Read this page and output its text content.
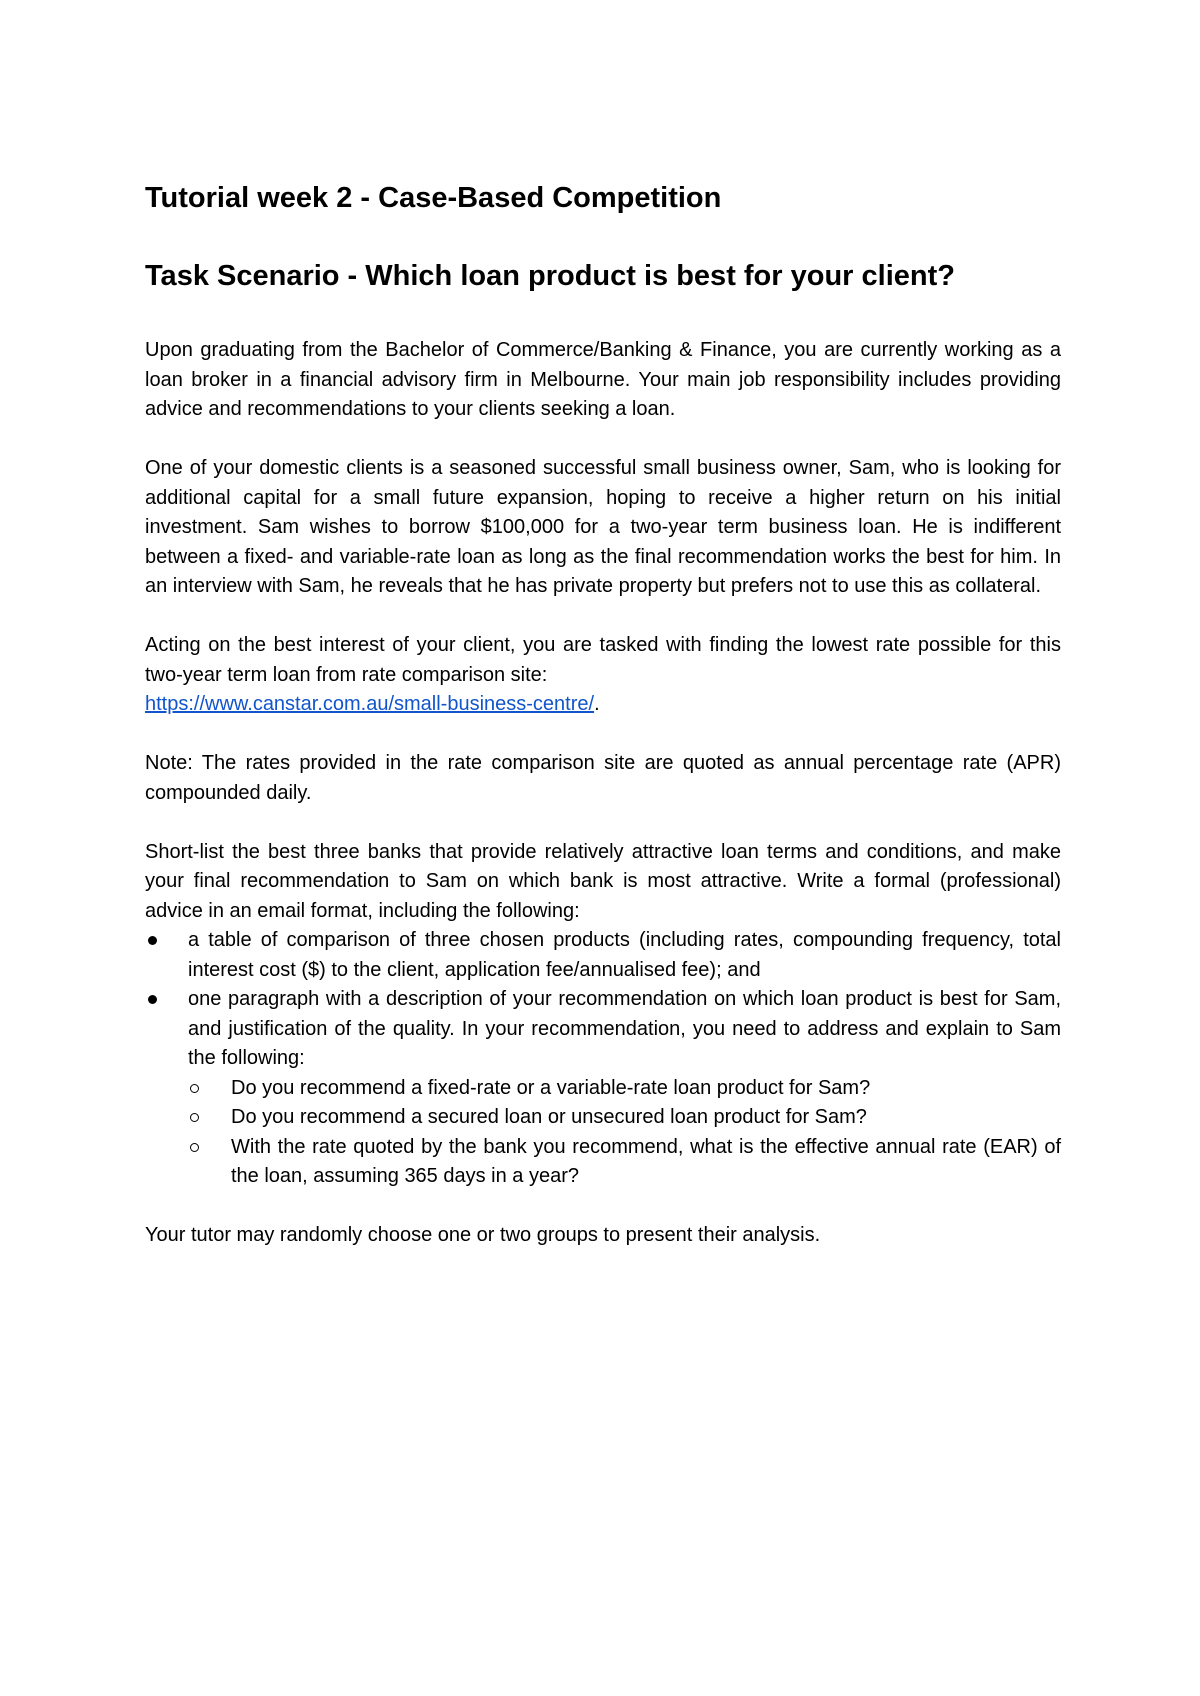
Tutorial week 2 - Case-Based Competition
Task Scenario - Which loan product is best for your client?

Upon graduating from the Bachelor of Commerce/Banking & Finance, you are currently working as a loan broker in a financial advisory firm in Melbourne. Your main job responsibility includes providing advice and recommendations to your clients seeking a loan.

One of your domestic clients is a seasoned successful small business owner, Sam, who is looking for additional capital for a small future expansion, hoping to receive a higher return on his initial investment. Sam wishes to borrow $100,000 for a two-year term business loan. He is indifferent between a fixed- and variable-rate loan as long as the final recommendation works the best for him. In an interview with Sam, he reveals that he has private property but prefers not to use this as collateral.

Acting on the best interest of your client, you are tasked with finding the lowest rate possible for this two-year term loan from rate comparison site:

https://www.canstar.com.au/small-business-centre/.

Note: The rates provided in the rate comparison site are quoted as annual percentage rate (APR) compounded daily.

Short-list the best three banks that provide relatively attractive loan terms and conditions, and make your final recommendation to Sam on which bank is most attractive. Write a formal (professional) advice in an email format, including the following:

a table of comparison of three chosen products (including rates, compounding frequency, total interest cost ($) to the client, application fee/annualised fee); and
one paragraph with a description of your recommendation on which loan product is best for Sam, and justification of the quality. In your recommendation, you need to address and explain to Sam the following:
Do you recommend a fixed-rate or a variable-rate loan product for Sam?
Do you recommend a secured loan or unsecured loan product for Sam?
With the rate quoted by the bank you recommend, what is the effective annual rate (EAR) of the loan, assuming 365 days in a year?

Your tutor may randomly choose one or two groups to present their analysis.
